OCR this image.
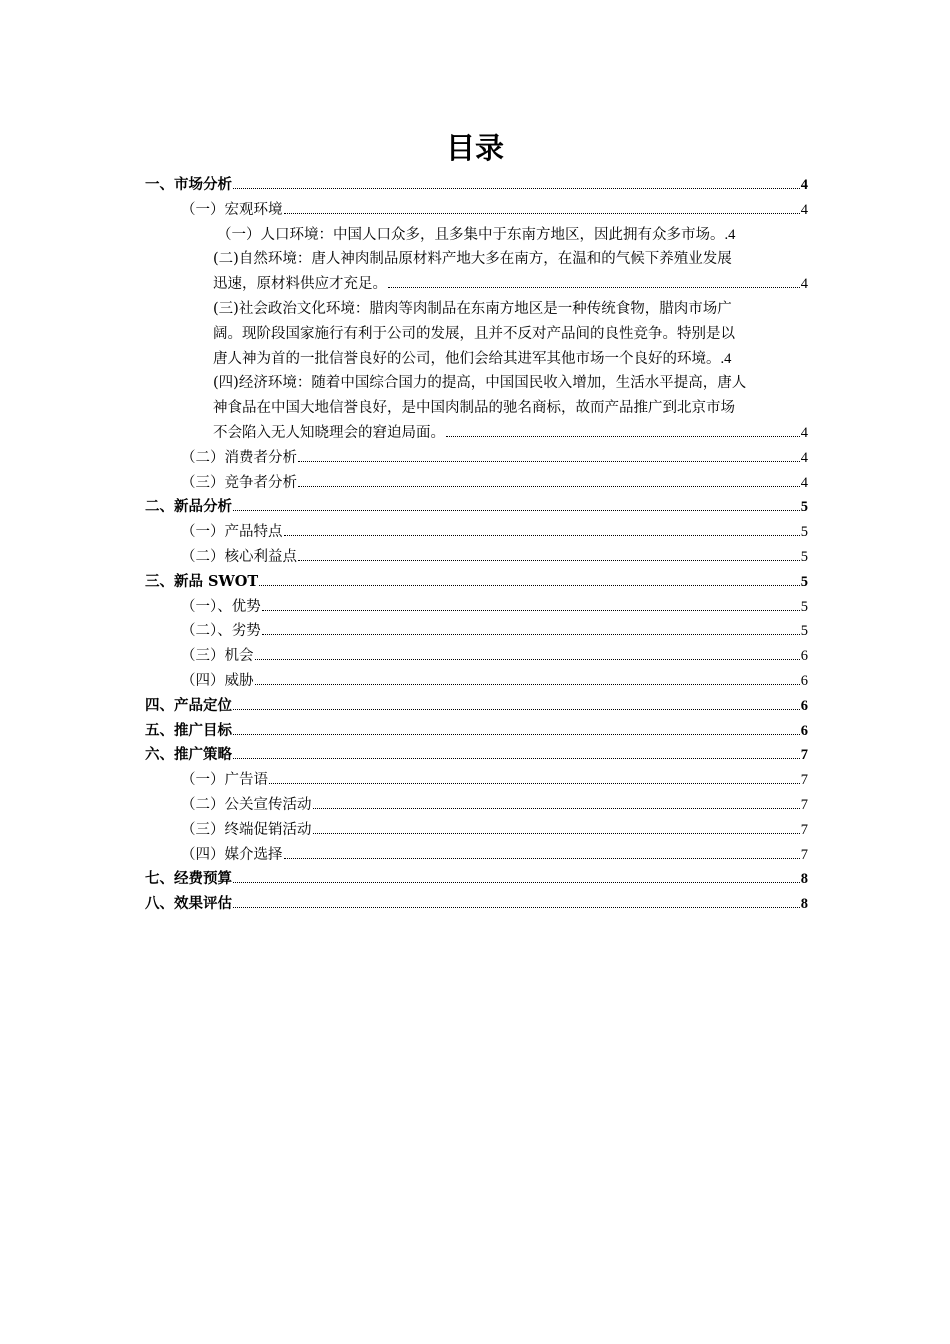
目录
一、市场分析	4
（一）宏观环境	4
（一）人口环境：中国人口众多，且多集中于东南方地区，因此拥有众多市场。 .4
(二)自然环境：唐人神肉制品原材料产地大多在南方，在温和的气候下养殖业发展
迅速，原材料供应才充足。	4
(三)社会政治文化环境：腊肉等肉制品在东南方地区是一种传统食物，腊肉市场广
阔。现阶段国家施行有利于公司的发展，且并不反对产品间的良性竞争。特别是以
唐人神为首的一批信誉良好的公司，他们会给其进军其他市场一个良好的环境。 .4
(四)经济环境：随着中国综合国力的提高，中国国民收入增加，生活水平提高，唐人
神食品在中国大地信誉良好，是中国肉制品的驰名商标，故而产品推广到北京市场
不会陷入无人知晓理会的窘迫局面。	4
（二）消费者分析	4
（三）竞争者分析	4
二、新品分析	5
（一）产品特点	5
（二）核心利益点	5
三、新品 SWOT	5
（一）、优势	5
（二）、劣势	5
（三）机会	6
（四）威胁	6
四、产品定位	6
五、推广目标	6
六、推广策略	7
（一）广告语	7
（二）公关宣传活动	7
（三）终端促销活动	7
（四）媒介选择	7
七、经费预算	8
八、效果评估	8
